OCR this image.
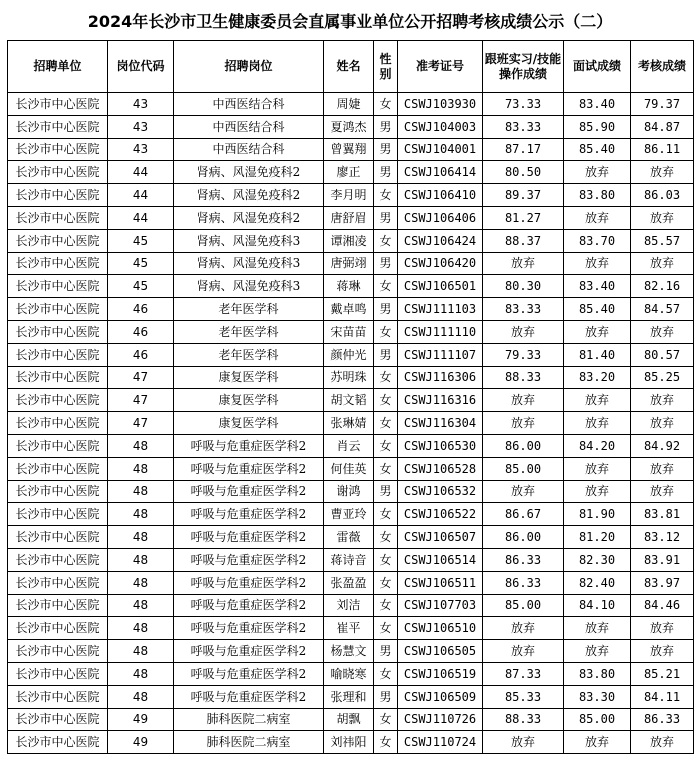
2024年长沙市卫生健康委员会直属事业单位公开招聘考核成绩公示（二）
招聘单位	岗位代码	招聘岗位	姓名	性别	准考证号	跟班实习/技能操作成绩	面试成绩	考核成绩
长沙市中心医院	43	中西医结合科	周婕	女	CSWJ103930	73.33	83.40	79.37
长沙市中心医院	43	中西医结合科	夏鸿杰	男	CSWJ104003	83.33	85.90	84.87
长沙市中心医院	43	中西医结合科	曾翼翔	男	CSWJ104001	87.17	85.40	86.11
长沙市中心医院	44	肾病、风湿免疫科2	廖正	男	CSWJ106414	80.50	放弃	放弃
长沙市中心医院	44	肾病、风湿免疫科2	李月明	女	CSWJ106410	89.37	83.80	86.03
长沙市中心医院	44	肾病、风湿免疫科2	唐舒眉	男	CSWJ106406	81.27	放弃	放弃
长沙市中心医院	45	肾病、风湿免疫科3	谭湘凌	女	CSWJ106424	88.37	83.70	85.57
长沙市中心医院	45	肾病、风湿免疫科3	唐弼翊	男	CSWJ106420	放弃	放弃	放弃
长沙市中心医院	45	肾病、风湿免疫科3	蒋琳	女	CSWJ106501	80.30	83.40	82.16
长沙市中心医院	46	老年医学科	戴卓鸣	男	CSWJ111103	83.33	85.40	84.57
长沙市中心医院	46	老年医学科	宋苗苗	女	CSWJ111110	放弃	放弃	放弃
长沙市中心医院	46	老年医学科	颜仲光	男	CSWJ111107	79.33	81.40	80.57
长沙市中心医院	47	康复医学科	苏明珠	女	CSWJ116306	88.33	83.20	85.25
长沙市中心医院	47	康复医学科	胡文韬	女	CSWJ116316	放弃	放弃	放弃
长沙市中心医院	47	康复医学科	张琳婧	女	CSWJ116304	放弃	放弃	放弃
长沙市中心医院	48	呼吸与危重症医学科2	肖云	女	CSWJ106530	86.00	84.20	84.92
长沙市中心医院	48	呼吸与危重症医学科2	何佳英	女	CSWJ106528	85.00	放弃	放弃
长沙市中心医院	48	呼吸与危重症医学科2	谢鸿	男	CSWJ106532	放弃	放弃	放弃
长沙市中心医院	48	呼吸与危重症医学科2	曹亚玲	女	CSWJ106522	86.67	81.90	83.81
长沙市中心医院	48	呼吸与危重症医学科2	雷薇	女	CSWJ106507	86.00	81.20	83.12
长沙市中心医院	48	呼吸与危重症医学科2	蒋诗音	女	CSWJ106514	86.33	82.30	83.91
长沙市中心医院	48	呼吸与危重症医学科2	张盈盈	女	CSWJ106511	86.33	82.40	83.97
长沙市中心医院	48	呼吸与危重症医学科2	刘洁	女	CSWJ107703	85.00	84.10	84.46
长沙市中心医院	48	呼吸与危重症医学科2	崔平	女	CSWJ106510	放弃	放弃	放弃
长沙市中心医院	48	呼吸与危重症医学科2	杨慧文	男	CSWJ106505	放弃	放弃	放弃
长沙市中心医院	48	呼吸与危重症医学科2	喻晓寒	女	CSWJ106519	87.33	83.80	85.21
长沙市中心医院	48	呼吸与危重症医学科2	张理和	男	CSWJ106509	85.33	83.30	84.11
长沙市中心医院	49	肺科医院二病室	胡飘	女	CSWJ110726	88.33	85.00	86.33
长沙市中心医院	49	肺科医院二病室	刘祎阳	女	CSWJ110724	放弃	放弃	放弃
